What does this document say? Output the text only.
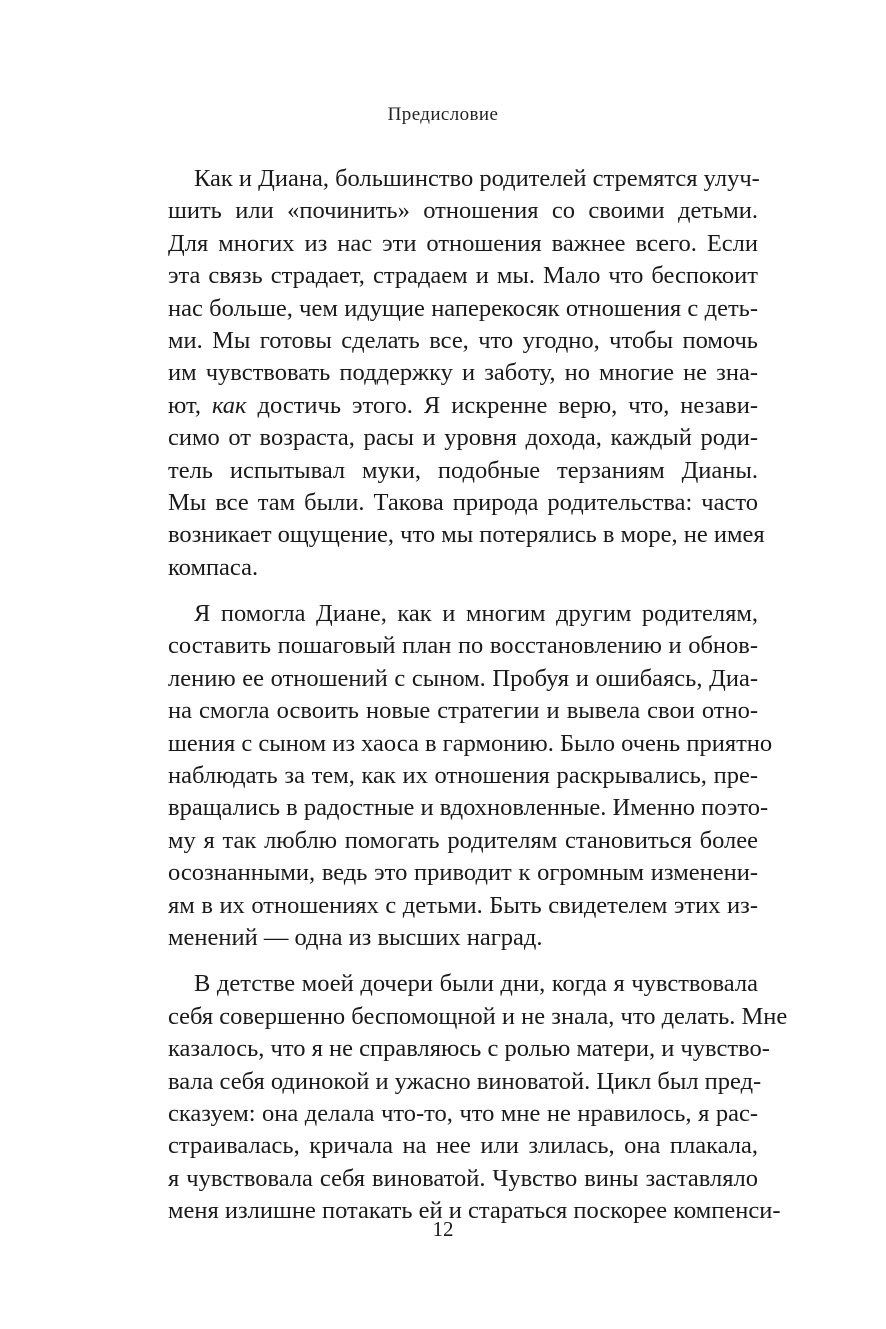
Предисловие
Как и Диана, большинство родителей стремятся улуч-
шить или «починить» отношения со своими детьми.
Для многих из нас эти отношения важнее всего. Если
эта связь страдает, страдаем и мы. Мало что беспокоит
нас больше, чем идущие наперекосяк отношения с деть-
ми. Мы готовы сделать все, что угодно, чтобы помочь
им чувствовать поддержку и заботу, но многие не зна-
ют, как достичь этого. Я искренне верю, что, незави-
симо от возраста, расы и уровня дохода, каждый роди-
тель испытывал муки, подобные терзаниям Дианы.
Мы все там были. Такова природа родительства: часто
возникает ощущение, что мы потерялись в море, не имея
компаса.
Я помогла Диане, как и многим другим родителям,
составить пошаговый план по восстановлению и обнов-
лению ее отношений с сыном. Пробуя и ошибаясь, Диа-
на смогла освоить новые стратегии и вывела свои отно-
шения с сыном из хаоса в гармонию. Было очень приятно
наблюдать за тем, как их отношения раскрывались, пре-
вращались в радостные и вдохновленные. Именно поэто-
му я так люблю помогать родителям становиться более
осознанными, ведь это приводит к огромным изменени-
ям в их отношениях с детьми. Быть свидетелем этих из-
менений — одна из высших наград.
В детстве моей дочери были дни, когда я чувствовала
себя совершенно беспомощной и не знала, что делать. Мне
казалось, что я не справляюсь с ролью матери, и чувство-
вала себя одинокой и ужасно виноватой. Цикл был пред-
сказуем: она делала что-то, что мне не нравилось, я рас-
страивалась, кричала на нее или злилась, она плакала,
я чувствовала себя виноватой. Чувство вины заставляло
меня излишне потакать ей и стараться поскорее компенси-
12
